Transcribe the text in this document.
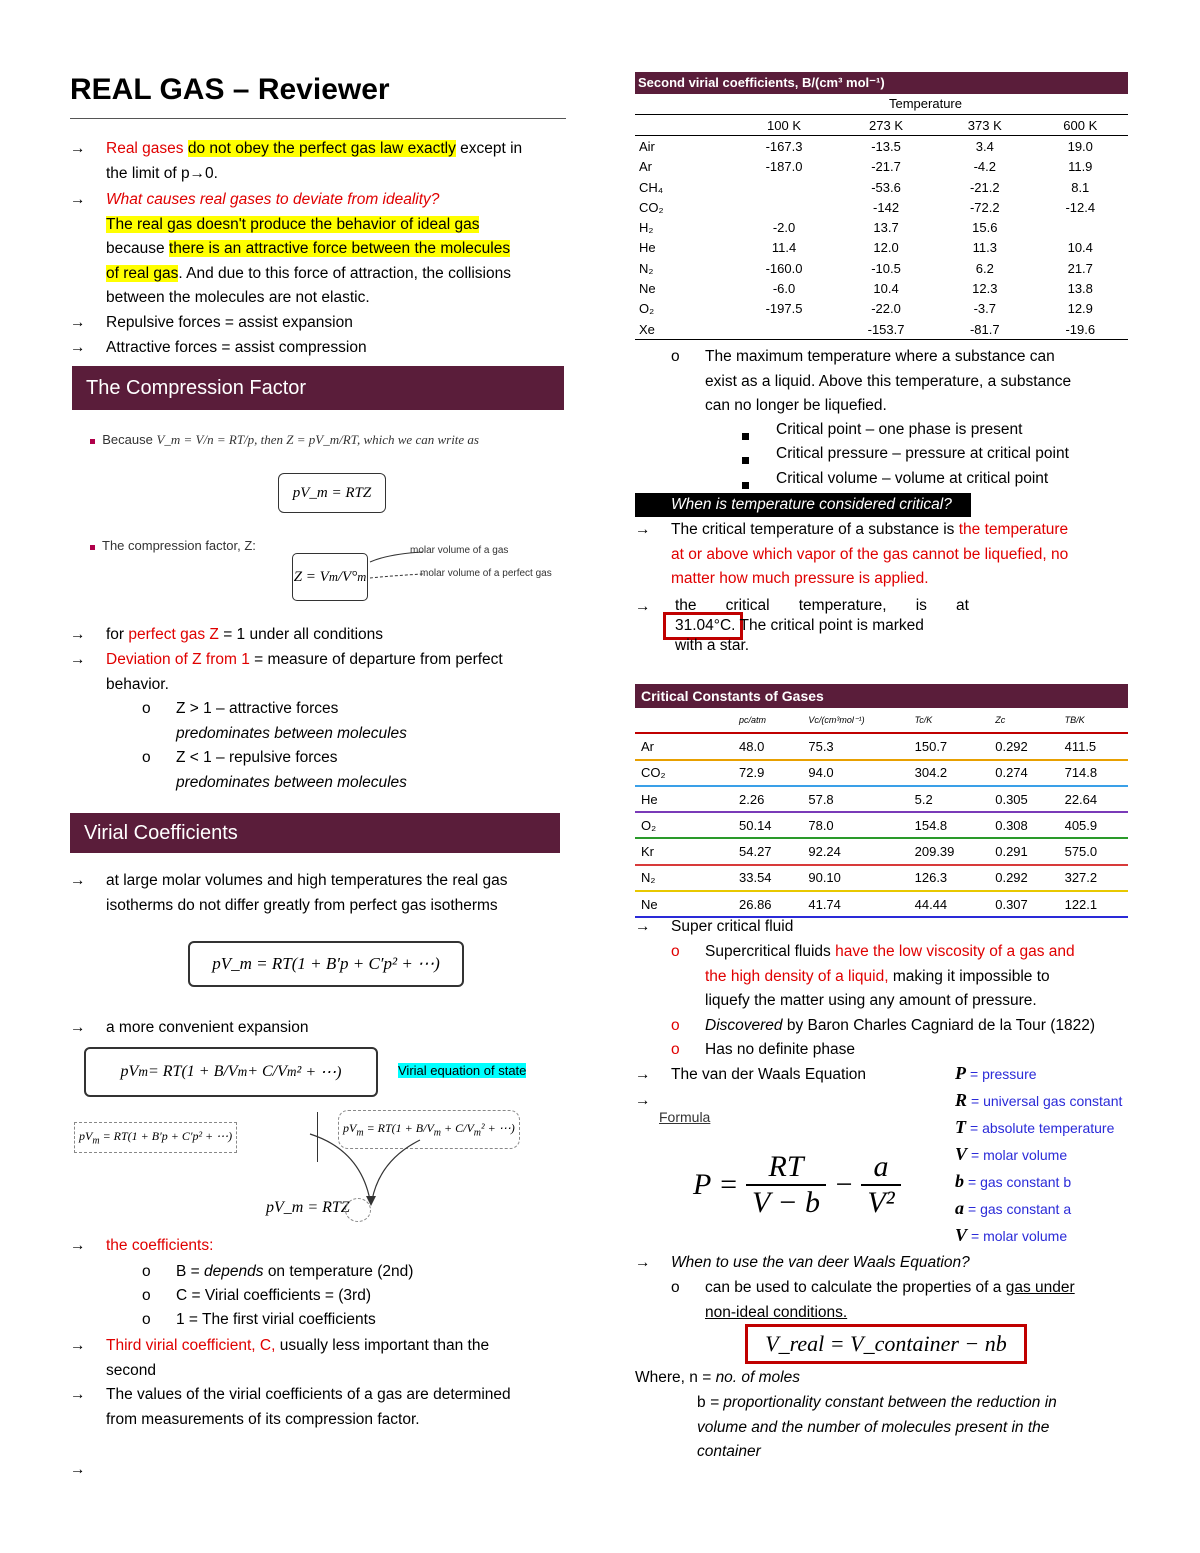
REAL GAS – Reviewer
→ Real gases do not obey the perfect gas law exactly except in
the limit of p→0.
→ What causes real gases to deviate from ideality?
The real gas doesn't produce the behavior of ideal gas
because there is an attractive force between the molecules
of real gas. And due to this force of attraction, the collisions
between the molecules are not elastic.
→ Repulsive forces = assist expansion
→ Attractive forces = assist compression
The Compression Factor
Because V_m = V/n = RT/p, then Z = pV_m/RT, which we can write as
pV_m = RTZ
The compression factor, Z:
Z = V m /V° m
molar volume of a gas
molar volume of a perfect gas
→ for perfect gas Z = 1 under all conditions
→ Deviation of Z from 1 = measure of departure from perfect
behavior.
o Z > 1 – attractive forces
predominates between molecules
o Z < 1 – repulsive forces
predominates between molecules
Virial Coefficients
→ at large molar volumes and high temperatures the real gas
isotherms do not differ greatly from perfect gas isotherms
pV_m = RT(1 + B′p + C′p² + ⋯)
→ a more convenient expansion
pV m = RT(1 + B/V m + C/V m ² + ⋯)	Virial equation of state
$pV_m = RT(1 + B'p + C'p^2$ + ⋯)
$pV_m = RT(1 + B/V_m + C/V_m^2$ + ⋯)
pV_m = RTZ
→ the coefficients:
o B = depends on temperature (2nd)
o C = Virial coefficients = (3rd)
o 1 = The first virial coefficients
→ Third virial coefficient, C, usually less important than the
second
→ The values of the virial coefficients of a gas are determined
from measurements of its compression factor.
→
Second virial coefficients, B/(cm³ mol⁻¹)
Temperature
	100 K	273 K	373 K	600 K
Air	-167.3	-13.5	3.4	19.0
Ar	-187.0	-21.7	-4.2	11.9
CH₄		-53.6	-21.2	8.1
CO₂		-142	-72.2	-12.4
H₂	-2.0	13.7	15.6	
He	11.4	12.0	11.3	10.4
N₂	-160.0	-10.5	6.2	21.7
Ne	-6.0	10.4	12.3	13.8
O₂	-197.5	-22.0	-3.7	12.9
Xe		-153.7	-81.7	-19.6
o The maximum temperature where a substance can
exist as a liquid. Above this temperature, a substance
can no longer be liquefied.
Critical point – one phase is present
Critical pressure – pressure at critical point
Critical volume – volume at critical point
When is temperature considered critical?
→ The critical temperature of a substance is the temperature
at or above which vapor of the gas cannot be liquefied, no
matter how much pressure is applied.
→ the critical temperature, is at
31.04°C. The critical point is marked
with a star.
Critical Constants of Gases
	pc/atm	Vc/(cm³mol⁻¹)	Tc/K	Zc	TB/K
Ar	48.0	75.3	150.7	0.292	411.5
CO₂	72.9	94.0	304.2	0.274	714.8
He	2.26	57.8	5.2	0.305	22.64
O₂	50.14	78.0	154.8	0.308	405.9
Kr	54.27	92.24	209.39	0.291	575.0
N₂	33.54	90.10	126.3	0.292	327.2
Ne	26.86	41.74	44.44	0.307	122.1
→ Super critical fluid
o Supercritical fluids have the low viscosity of a gas and
the high density of a liquid, making it impossible to
liquefy the matter using any amount of pressure.
o Discovered by Baron Charles Cagniard de la Tour (1822)
o Has no definite phase
→ The van der Waals Equation
→
Formula
$P = \frac{RT}{V - b} - \frac{a}{\text{V²}}$
P = pressure
R = universal gas constant
T = absolute temperature
V = molar volume
b = gas constant b
a = gas constant a
V = molar volume
→ When to use the van deer Waals Equation?
o can be used to calculate the properties of a gas under
non-ideal conditions.
V_real = V_container − nb
Where, n = no. of moles
b = proportionality constant between the reduction in
volume and the number of molecules present in the
container
